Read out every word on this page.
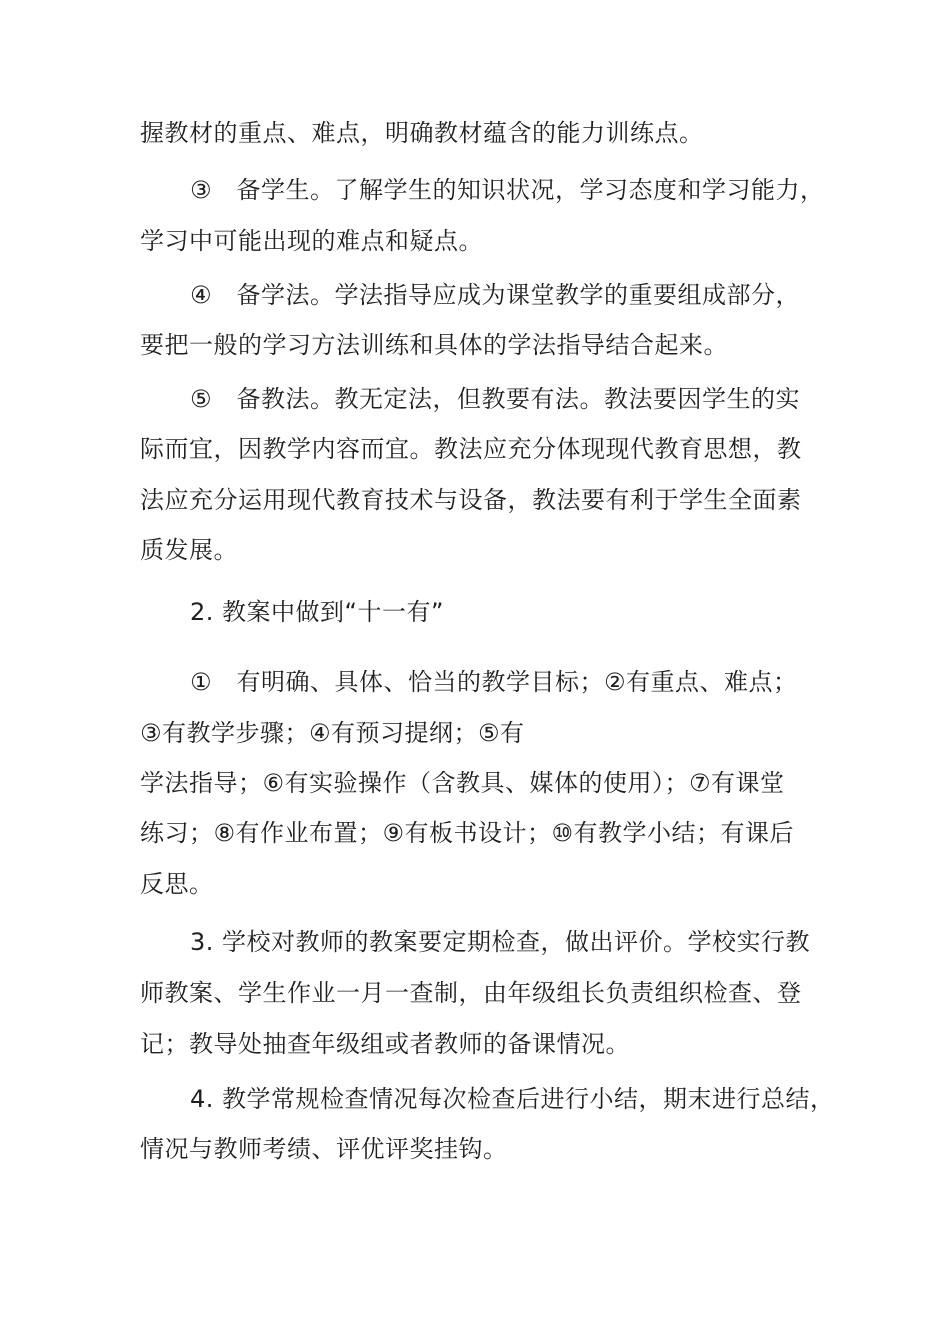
握教材的重点、难点，明确教材蕴含的能力训练点。
③　备学生。了解学生的知识状况，学习态度和学习能力，
学习中可能出现的难点和疑点。
④　备学法。学法指导应成为课堂教学的重要组成部分，
要把一般的学习方法训练和具体的学法指导结合起来。
⑤　备教法。教无定法，但教要有法。教法要因学生的实
际而宜，因教学内容而宜。教法应充分体现现代教育思想，教
法应充分运用现代教育技术与设备，教法要有利于学生全面素
质发展。
2. 教案中做到“十一有”
①　有明确、具体、恰当的教学目标；②有重点、难点；
③有教学步骤；④有预习提纲；⑤有
学法指导；⑥有实验操作（含教具、媒体的使用）；⑦有课堂
练习；⑧有作业布置；⑨有板书设计；⑩有教学小结；有课后
反思。
3. 学校对教师的教案要定期检查，做出评价。学校实行教
师教案、学生作业一月一查制，由年级组长负责组织检查、登
记；教导处抽查年级组或者教师的备课情况。
4. 教学常规检查情况每次检查后进行小结，期末进行总结，
情况与教师考绩、评优评奖挂钩。
